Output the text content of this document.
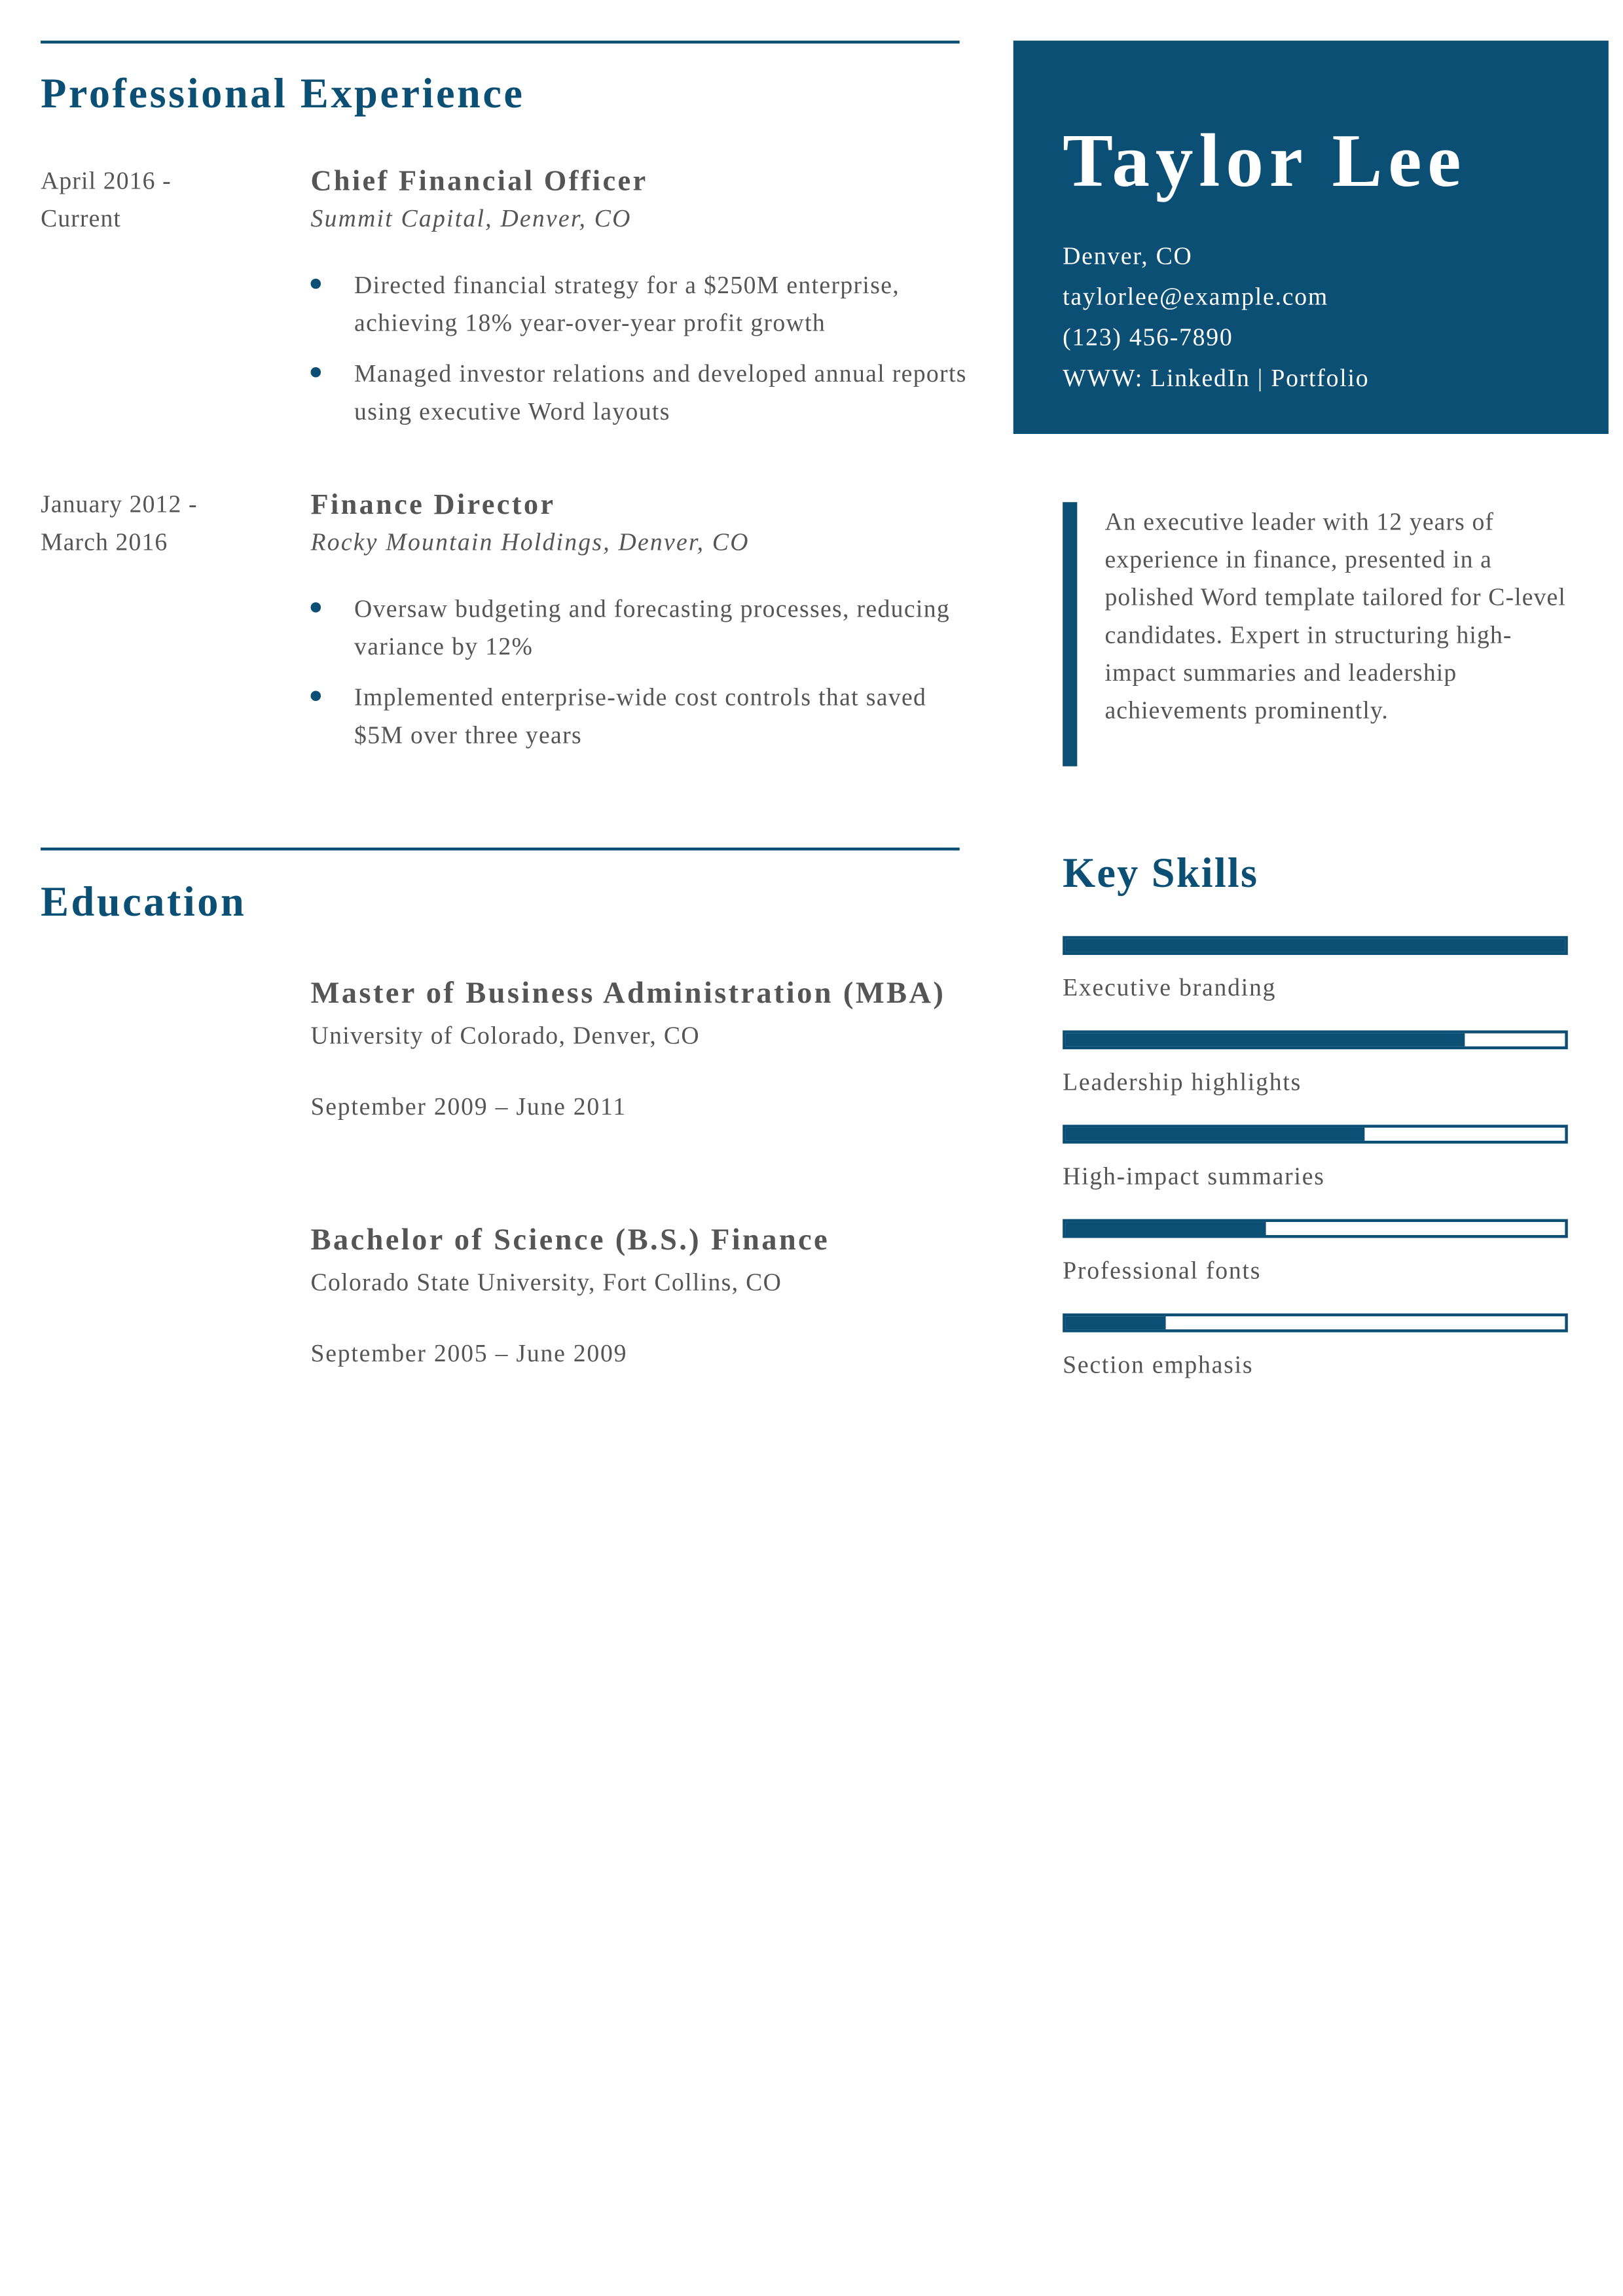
Professional Experience
April 2016 -
Current
Chief Financial Officer

Summit Capital, Denver, CO

Directed financial strategy for a $250M enterprise, achieving 18% year-over-year profit growth
Managed investor relations and developed annual reports using executive Word layouts
January 2012 -
March 2016
Finance Director

Rocky Mountain Holdings, Denver, CO

Oversaw budgeting and forecasting processes, reducing variance by 12%
Implemented enterprise-wide cost controls that saved $5M over three years
Education
Master of Business Administration (MBA)

University of Colorado, Denver, CO

September 2009 – June 2011

Bachelor of Science (B.S.) Finance

Colorado State University, Fort Collins, CO

September 2005 – June 2009

Taylor Lee
Denver, CO
taylorlee@example.com
(123) 456-7890
WWW: LinkedIn | Portfolio

An executive leader with 12 years of experience in finance, presented in a polished Word template tailored for C-level candidates. Expert in structuring high-impact summaries and leadership achievements prominently.

Key Skills
Executive branding
Leadership highlights
High-impact summaries
Professional fonts
Section emphasis
